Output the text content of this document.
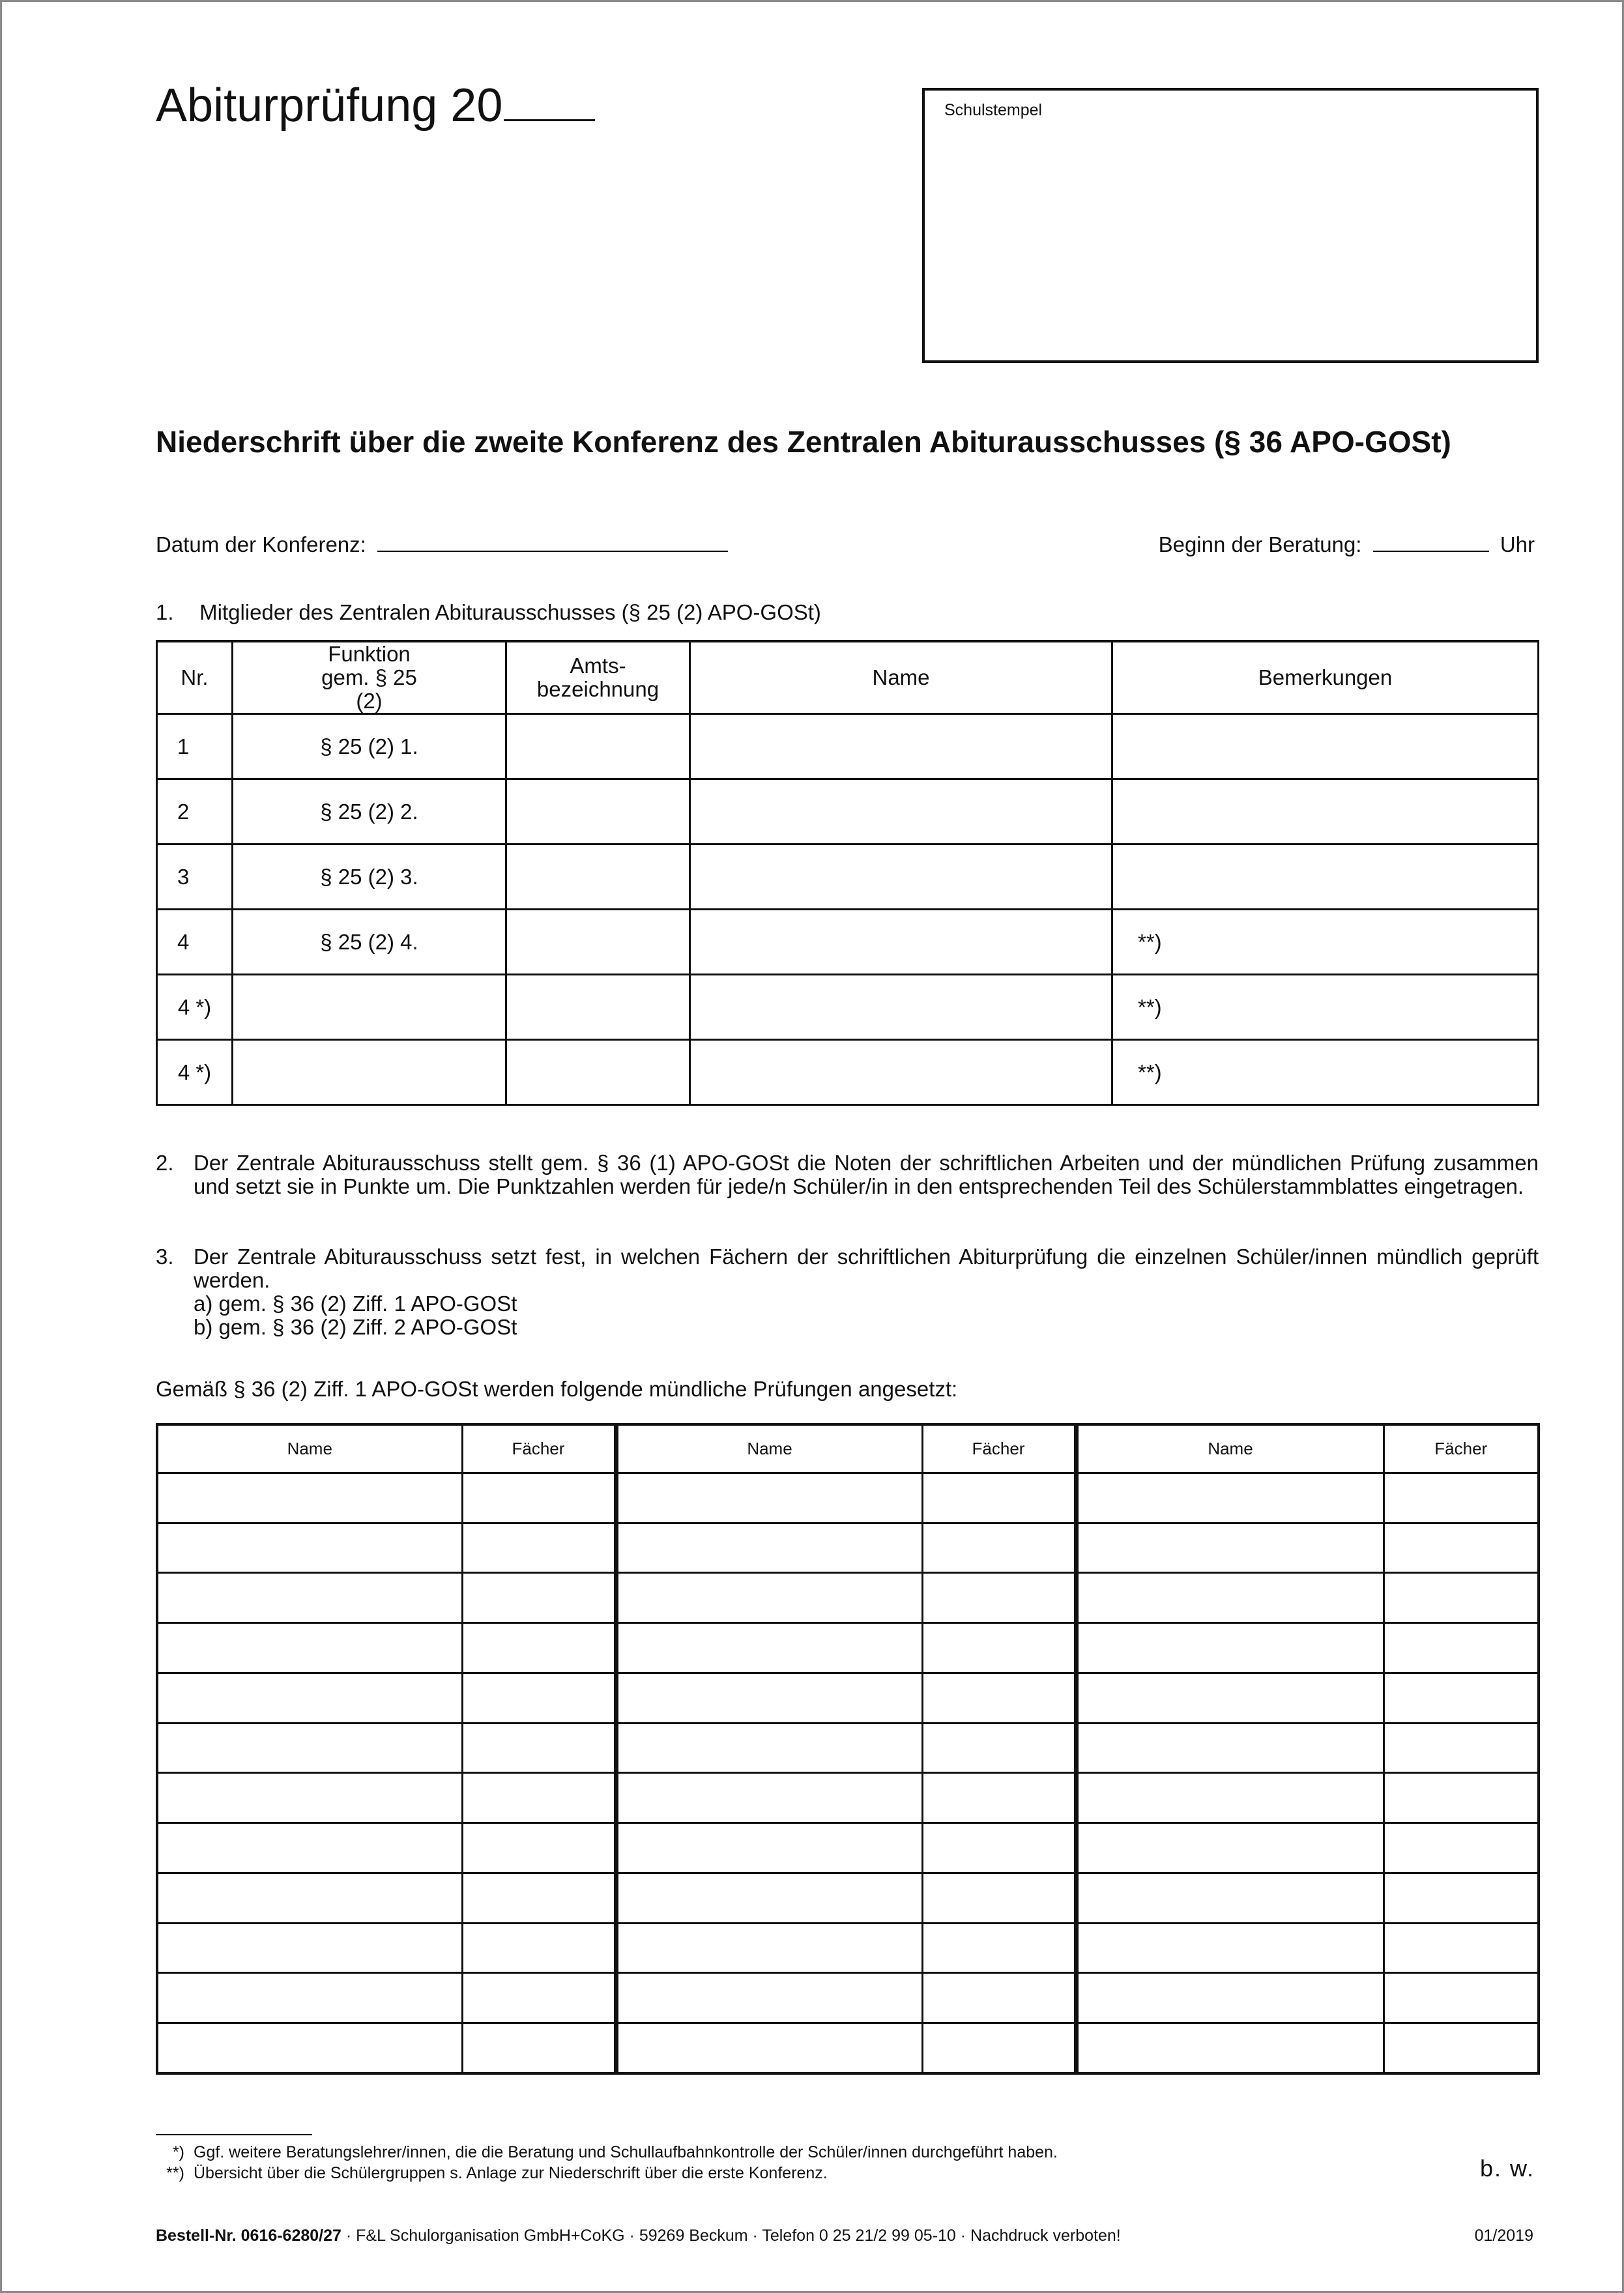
Abiturprüfung 20	Schulstempel
Niederschrift über die zweite Konferenz des Zentralen Abiturausschusses (§ 36 APO-GOSt)
Datum der Konferenz:	Beginn der Beratung:	Uhr
1. Mitglieder des Zentralen Abiturausschusses (§ 25 (2) APO-GOSt)
Nr.	Funktion gem. § 25 (2)	Amts- bezeichnung	Name	Bemerkungen
1	§ 25 (2) 1.			
2	§ 25 (2) 2.			
3	§ 25 (2) 3.			
4	§ 25 (2) 4.			**)
4 *)				**)
4 *)				**)
2. Der Zentrale Abiturausschuss stellt gem. § 36 (1) APO-GOSt die Noten der schriftlichen Arbeiten und der mündlichen Prüfung zusammen und setzt sie in Punkte um. Die Punktzahlen werden für jede/n Schüler/in in den entsprechenden Teil des Schülerstammblattes eingetragen.
3. Der Zentrale Abiturausschuss setzt fest, in welchen Fächern der schriftlichen Abiturprüfung die einzelnen Schüler/innen mündlich geprüft werden.
a) gem. § 36 (2) Ziff. 1 APO-GOSt
b) gem. § 36 (2) Ziff. 2 APO-GOSt
Gemäß § 36 (2) Ziff. 1 APO-GOSt werden folgende mündliche Prüfungen angesetzt:
Name	Fächer	Name	Fächer	Name	Fächer

*) Ggf. weitere Beratungslehrer/innen, die die Beratung und Schullaufbahnkontrolle der Schüler/innen durchgeführt haben.
**) Übersicht über die Schülergruppen s. Anlage zur Niederschrift über die erste Konferenz.	b. w.
Bestell-Nr. 0616-6280/27 · F&L Schulorganisation GmbH+CoKG · 59269 Beckum · Telefon 0 25 21/2 99 05-10 · Nachdruck verboten!	01/2019
